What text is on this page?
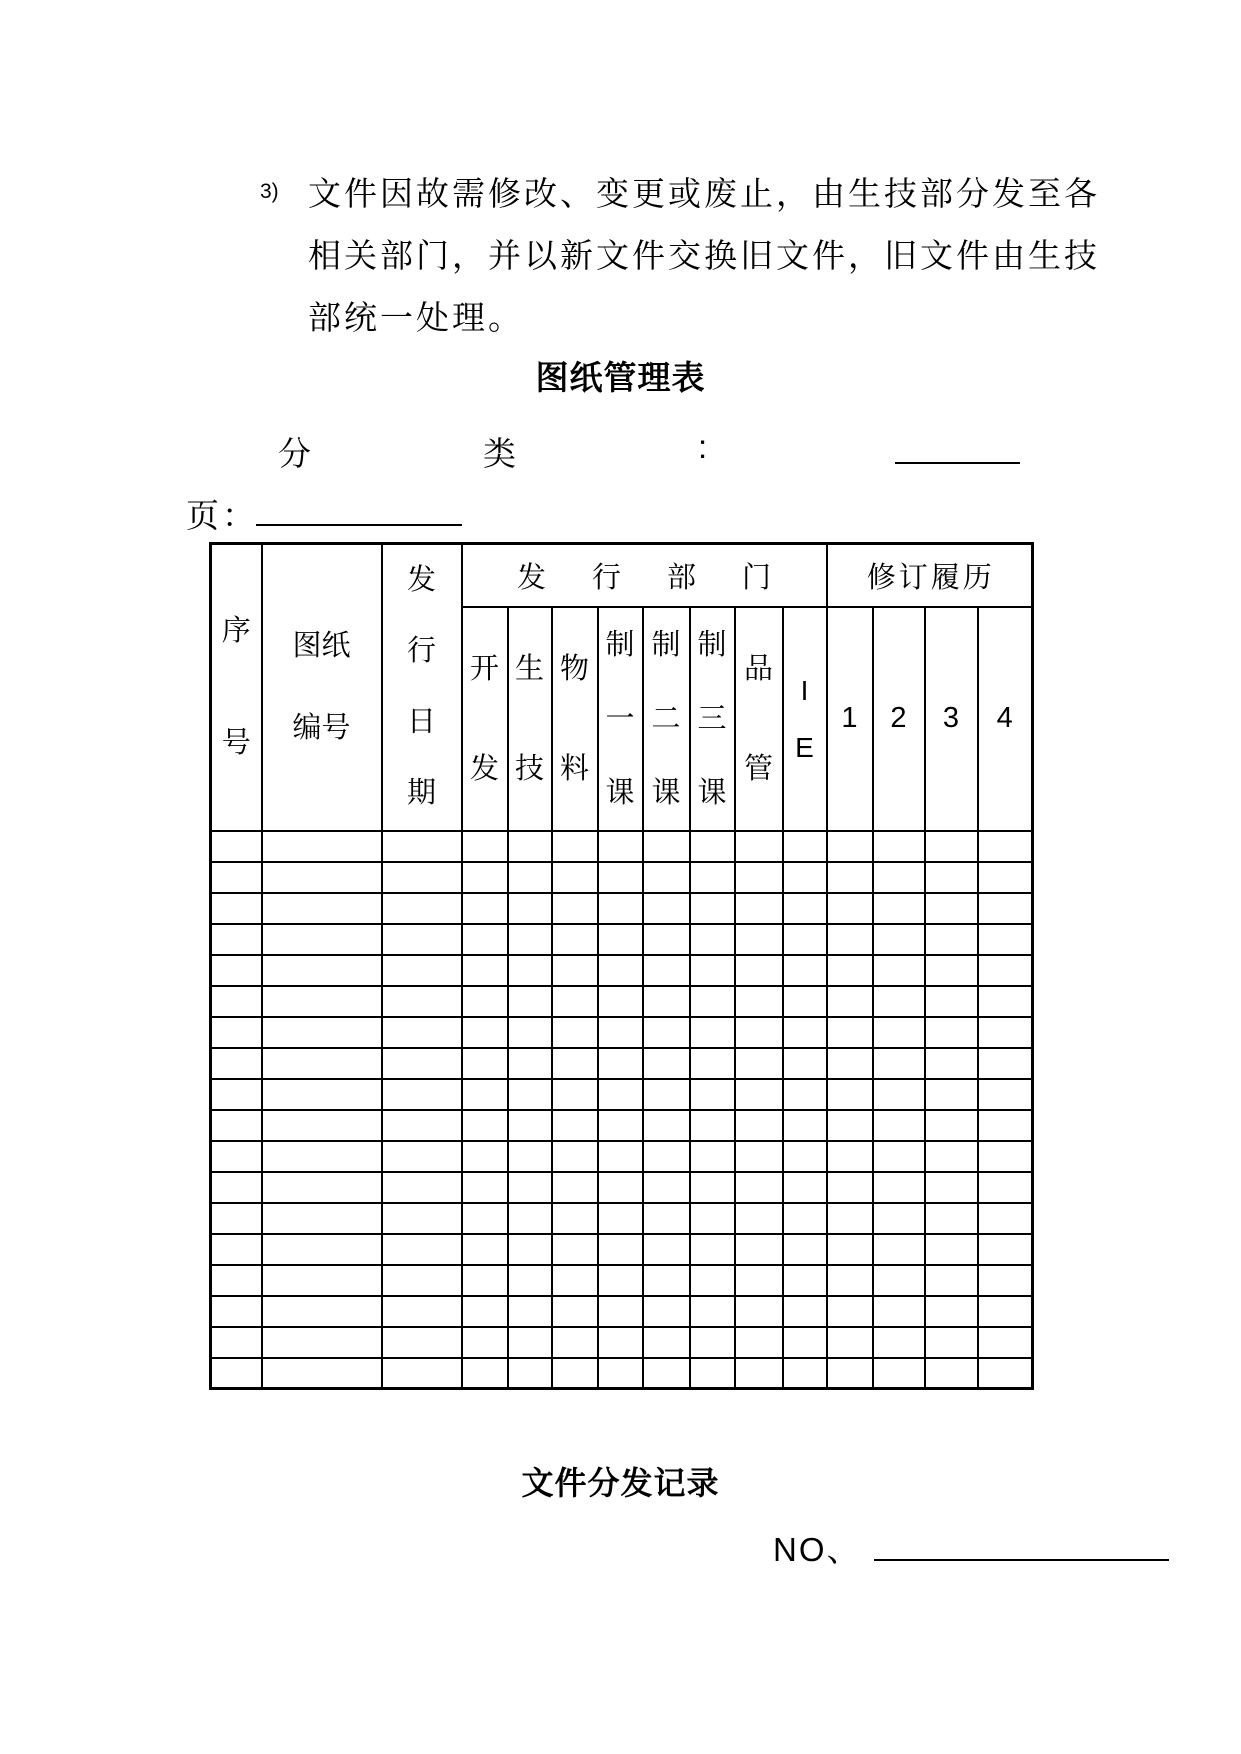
3) 文件因故需修改、变更或废止，由生技部分发至各
相关部门，并以新文件交换旧文件，旧文件由生技
部统一处理。
图纸管理表
分	类	:
页 ：
序号	图纸编号	发行日期	发行部门								修订履历			

			开发	生技	物料	制一课	制二课	制三课	品管	IE	1	2	3	4

文件分发记录
NO、
